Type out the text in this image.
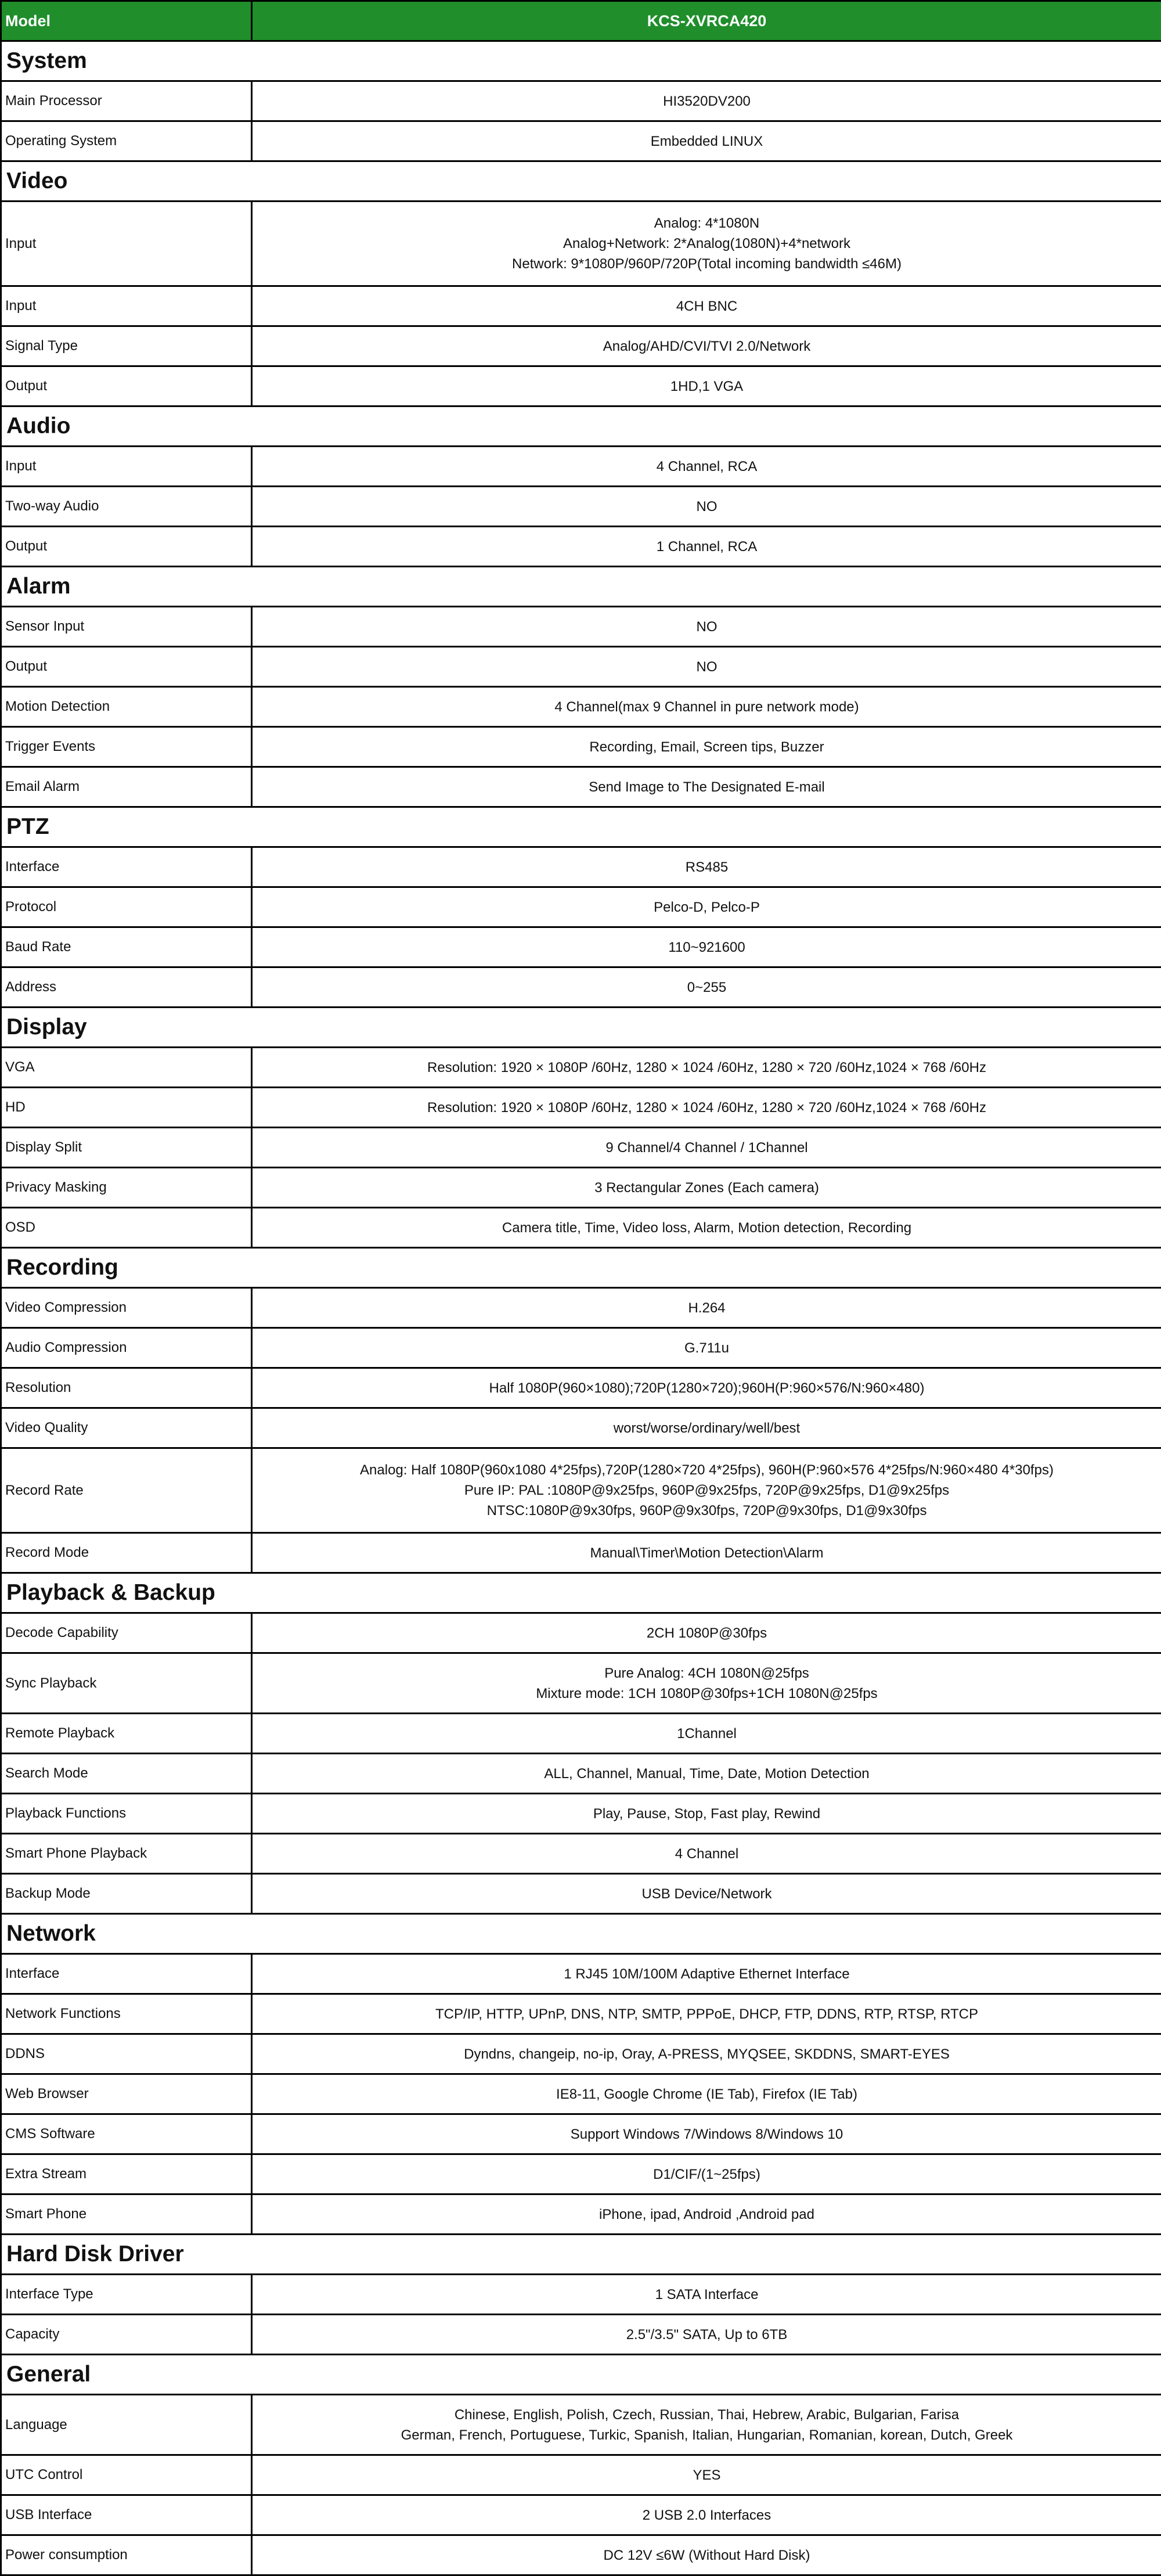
Model	KCS-XVRCA420
System	
Main Processor	HI3520DV200

Operating System	Embedded LINUX

Video	
Input	Analog: 4*1080N
Analog+Network: 2*Analog(1080N)+4*network
Network: 9*1080P/960P/720P(Total incoming bandwidth ≤46M)

Input	4CH BNC

Signal Type	Analog/AHD/CVI/TVI 2.0/Network

Output	1HD,1 VGA

Audio	
Input	4 Channel, RCA

Two-way Audio	NO

Output	1 Channel, RCA

Alarm	
Sensor Input	NO

Output	NO

Motion Detection	4 Channel(max 9 Channel in pure network mode)

Trigger Events	Recording, Email, Screen tips, Buzzer

Email Alarm	Send Image to The Designated E-mail

PTZ	
Interface	RS485

Protocol	Pelco-D, Pelco-P

Baud Rate	110~921600

Address	0~255

Display	
VGA	Resolution: 1920 × 1080P /60Hz, 1280 × 1024 /60Hz, 1280 × 720 /60Hz,1024 × 768 /60Hz

HD	Resolution: 1920 × 1080P /60Hz, 1280 × 1024 /60Hz, 1280 × 720 /60Hz,1024 × 768 /60Hz

Display Split	9 Channel/4 Channel / 1Channel

Privacy Masking	3 Rectangular Zones (Each camera)

OSD	Camera title, Time, Video loss, Alarm, Motion detection, Recording

Recording	
Video Compression	H.264

Audio Compression	G.711u

Resolution	Half 1080P(960×1080);720P(1280×720);960H(P:960×576/N:960×480)

Video Quality	worst/worse/ordinary/well/best

Record Rate	Analog: Half 1080P(960x1080 4*25fps),720P(1280×720 4*25fps), 960H(P:960×576 4*25fps/N:960×480 4*30fps)
Pure IP: PAL :1080P@9x25fps, 960P@9x25fps, 720P@9x25fps, D1@9x25fps
NTSC:1080P@9x30fps, 960P@9x30fps, 720P@9x30fps, D1@9x30fps

Record Mode	Manual\Timer\Motion Detection\Alarm

Playback & Backup	
Decode Capability	2CH 1080P@30fps

Sync Playback	Pure Analog: 4CH 1080N@25fps
Mixture mode: 1CH 1080P@30fps+1CH 1080N@25fps

Remote Playback	1Channel

Search Mode	ALL, Channel, Manual, Time, Date, Motion Detection

Playback Functions	Play, Pause, Stop, Fast play, Rewind

Smart Phone Playback	4 Channel

Backup Mode	USB Device/Network

Network	
Interface	1 RJ45 10M/100M Adaptive Ethernet Interface

Network Functions	TCP/IP, HTTP, UPnP, DNS, NTP, SMTP, PPPoE, DHCP, FTP, DDNS, RTP, RTSP, RTCP

DDNS	Dyndns, changeip, no-ip, Oray, A-PRESS, MYQSEE, SKDDNS, SMART-EYES

Web Browser	IE8-11, Google Chrome (IE Tab), Firefox (IE Tab)

CMS Software	Support Windows 7/Windows 8/Windows 10

Extra Stream	D1/CIF/(1~25fps)

Smart Phone	iPhone, ipad, Android ,Android pad

Hard Disk Driver	
Interface Type	1 SATA Interface

Capacity	2.5"/3.5" SATA, Up to 6TB

General	
Language	Chinese, English, Polish, Czech, Russian, Thai, Hebrew, Arabic, Bulgarian, Farisa
German, French, Portuguese, Turkic, Spanish, Italian, Hungarian, Romanian, korean, Dutch, Greek

UTC Control	YES

USB Interface	2 USB 2.0 Interfaces

Power consumption	DC 12V ≤6W (Without Hard Disk)
